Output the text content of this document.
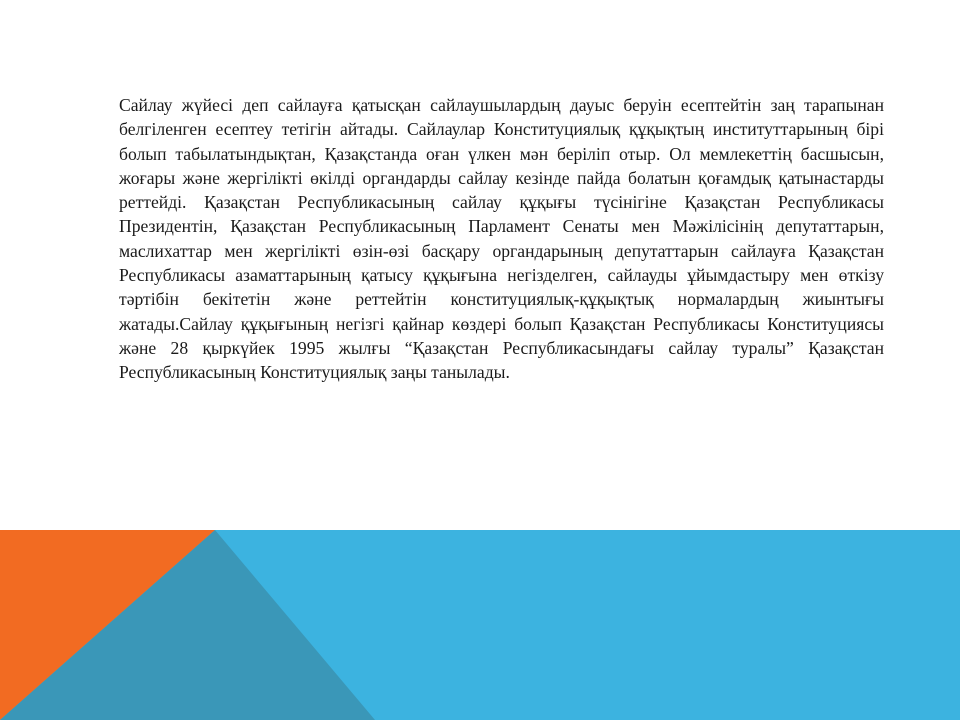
Сайлау жүйесі деп сайлауға қатысқан сайлаушылардың дауыс беруін есептейтін заң тарапынан белгіленген есептеу тетігін айтады. Сайлаулар Конституциялық құқықтың институттарының бірі болып табылатындықтан, Қазақстанда оған үлкен мән беріліп отыр. Ол мемлекеттің басшысын, жоғары және жергілікті өкілді органдарды сайлау кезінде пайда болатын қоғамдық қатынастарды реттейді. Қазақстан Республикасының сайлау құқығы түсінігіне Қазақстан Республикасы Президентін, Қазақстан Республикасының Парламент Сенаты мен Мәжілісінің депутаттарын, маслихаттар мен жергілікті өзін-өзі басқару органдарының депутаттарын сайлауға Қазақстан Республикасы азаматтарының қатысу құқығына негізделген, сайлауды ұйымдастыру мен өткізу тәртібін бекітетін және реттейтін конституциялық-құқықтық нормалардың жиынтығы жатады.Сайлау құқығының негізгі қайнар көздері болып Қазақстан Республикасы Конституциясы және 28 қыркүйек 1995 жылғы “Қазақстан Республикасындағы сайлау туралы” Қазақстан Республикасының Конституциялық заңы танылады.
